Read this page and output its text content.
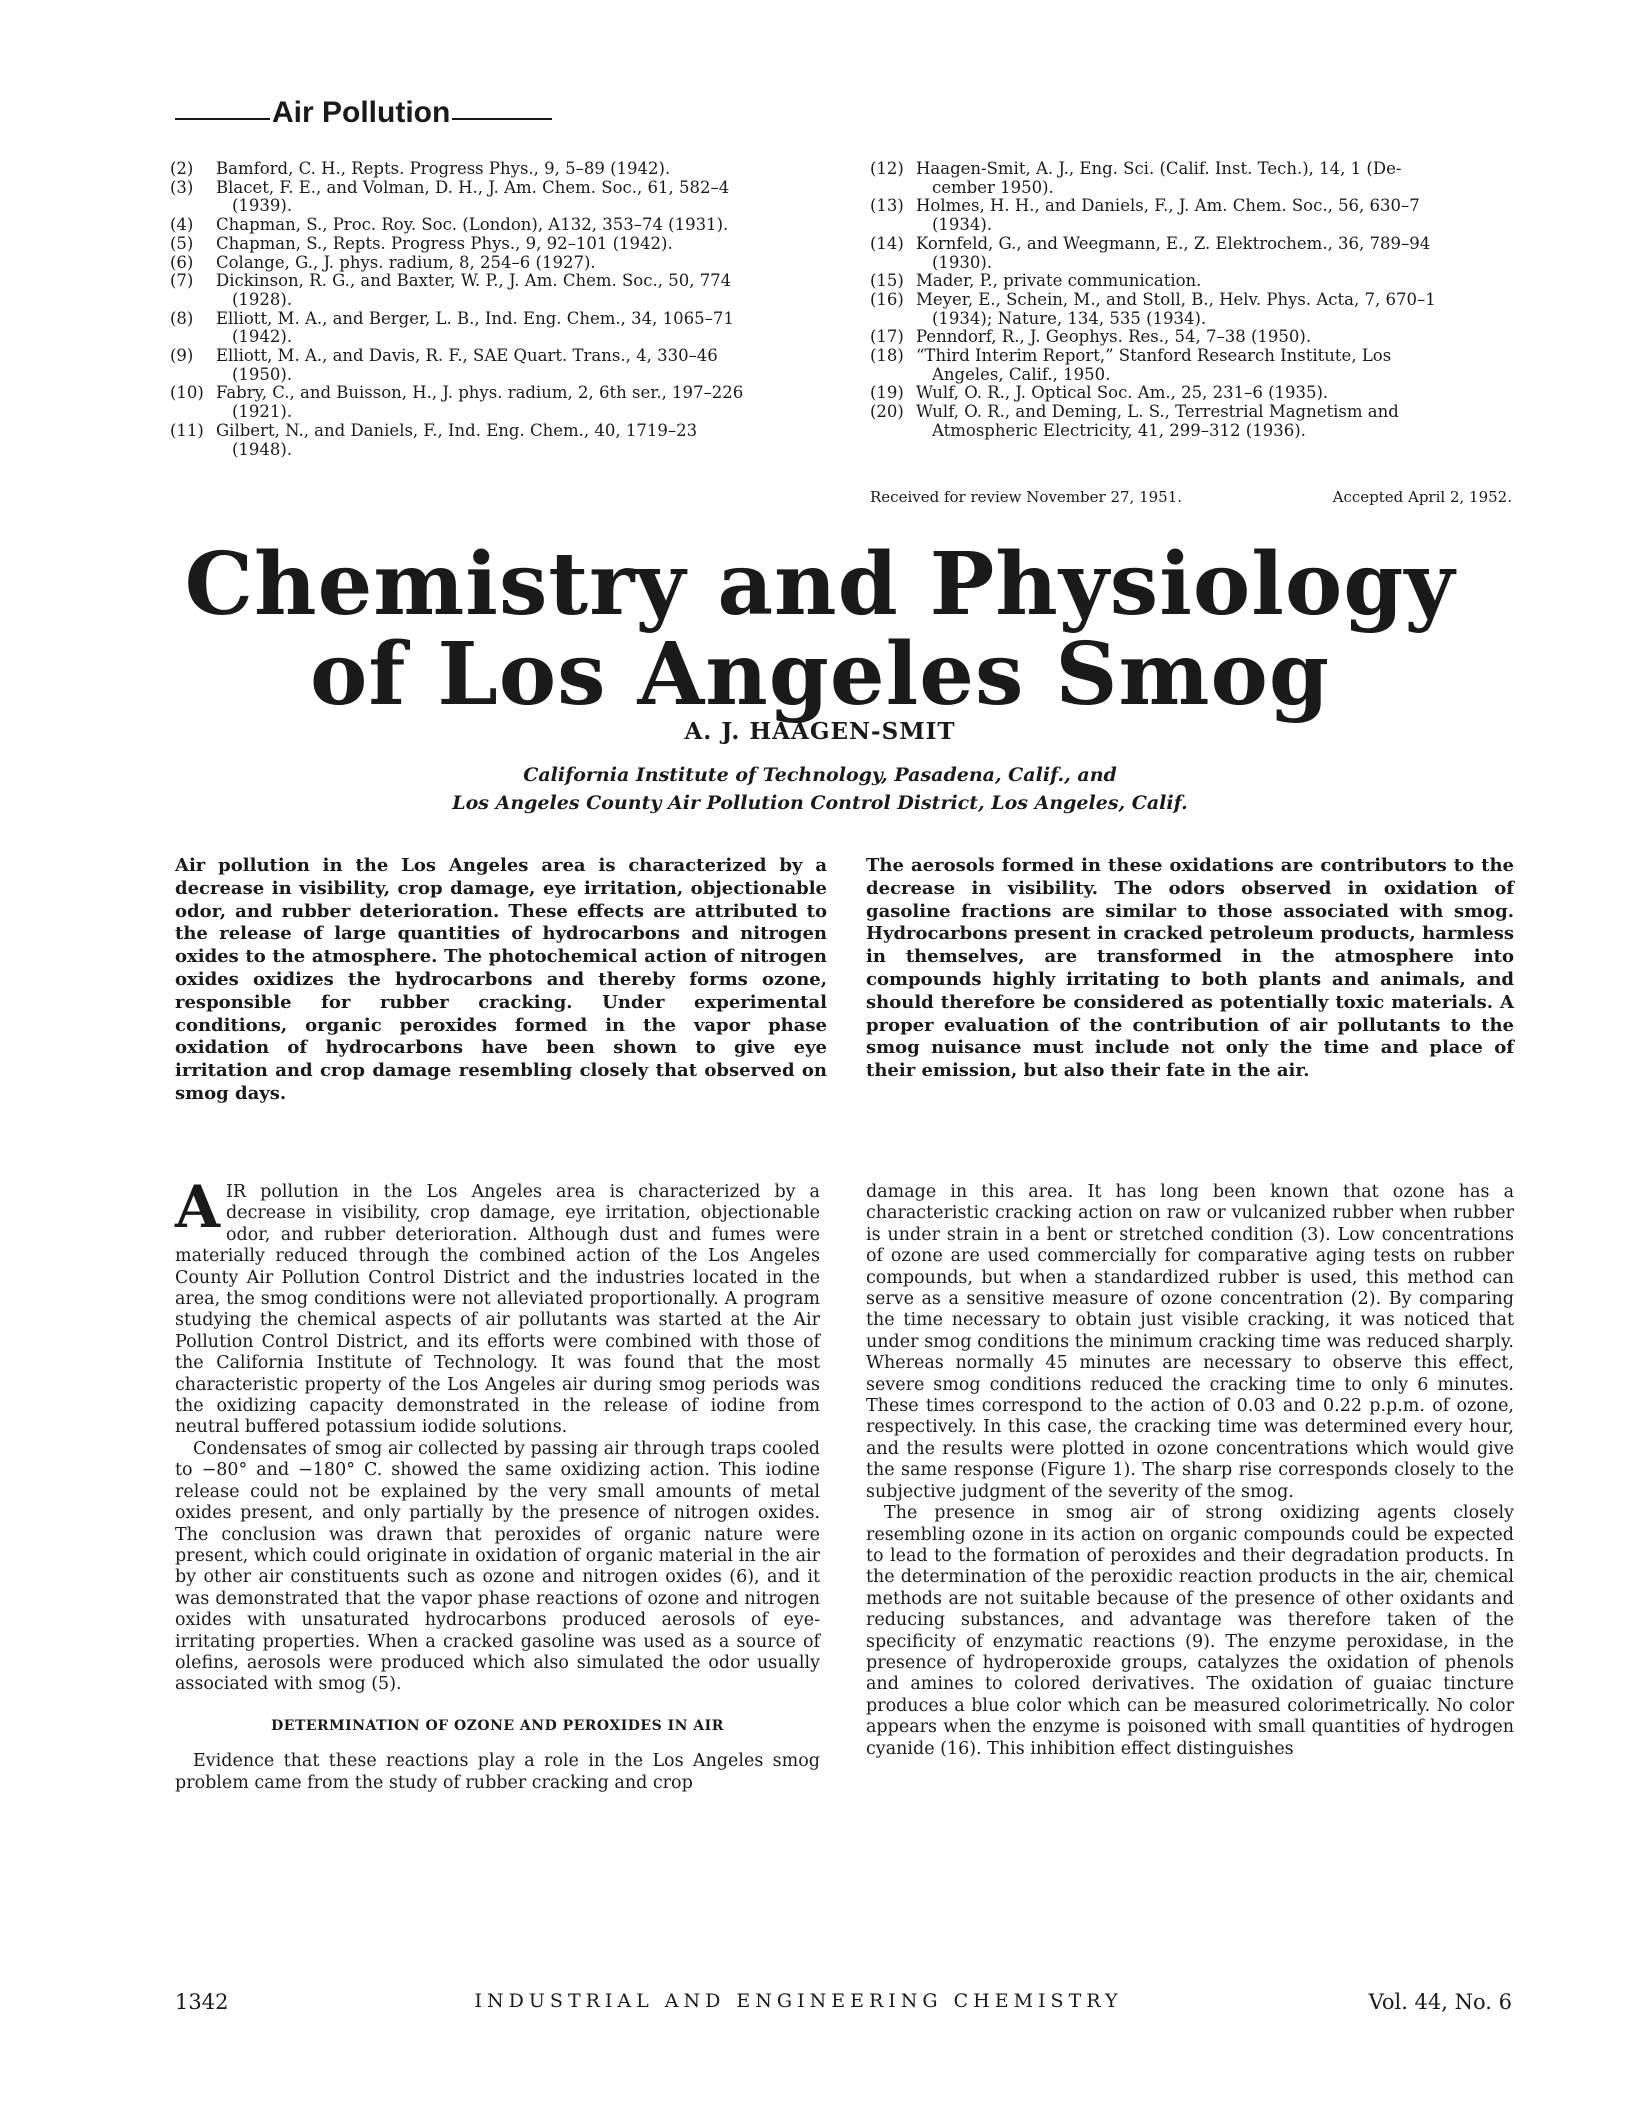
Air Pollution
(2)	Bamford, C. H., Repts. Progress Phys., 9, 5–89 (1942).
(3)	Blacet, F. E., and Volman, D. H., J. Am. Chem. Soc., 61, 582–4
(1939).
(4)	Chapman, S., Proc. Roy. Soc. (London), A132, 353–74 (1931).
(5)	Chapman, S., Repts. Progress Phys., 9, 92–101 (1942).
(6)	Colange, G., J. phys. radium, 8, 254–6 (1927).
(7)	Dickinson, R. G., and Baxter, W. P., J. Am. Chem. Soc., 50, 774
(1928).
(8)	Elliott, M. A., and Berger, L. B., Ind. Eng. Chem., 34, 1065–71
(1942).
(9)	Elliott, M. A., and Davis, R. F., SAE Quart. Trans., 4, 330–46
(1950).
(10) Fabry, C., and Buisson, H., J. phys. radium, 2, 6th ser., 197–226
(1921).
(11) Gilbert, N., and Daniels, F., Ind. Eng. Chem., 40, 1719–23
(1948).
(12) Haagen-Smit, A. J., Eng. Sci. (Calif. Inst. Tech.), 14, 1 (De-
cember 1950).
(13) Holmes, H. H., and Daniels, F., J. Am. Chem. Soc., 56, 630–7
(1934).
(14) Kornfeld, G., and Weegmann, E., Z. Elektrochem., 36, 789–94
(1930).
(15) Mader, P., private communication.
(16) Meyer, E., Schein, M., and Stoll, B., Helv. Phys. Acta, 7, 670–1
(1934); Nature, 134, 535 (1934).
(17) Penndorf, R., J. Geophys. Res., 54, 7–38 (1950).
(18) “Third Interim Report,” Stanford Research Institute, Los
Angeles, Calif., 1950.
(19) Wulf, O. R., J. Optical Soc. Am., 25, 231–6 (1935).
(20) Wulf, O. R., and Deming, L. S., Terrestrial Magnetism and
Atmospheric Electricity, 41, 299–312 (1936).
Received for review November 27, 1951.	Accepted April 2, 1952.
Chemistry and Physiology
of Los Angeles Smog
A. J. HAAGEN-SMIT
California Institute of Technology, Pasadena, Calif., and
Los Angeles County Air Pollution Control District, Los Angeles, Calif.
Air pollution in the Los Angeles area is characterized by a decrease in visibility, crop damage, eye irritation, objectionable odor, and rubber deterioration. These effects are attributed to the release of large quantities of hydrocarbons and nitrogen oxides to the atmosphere. The photochemical action of nitrogen oxides oxidizes the hydrocarbons and thereby forms ozone, responsible for rubber cracking. Under experimental conditions, organic peroxides formed in the vapor phase oxidation of hydrocarbons have been shown to give eye irritation and crop damage resembling closely that observed on smog days.
The aerosols formed in these oxidations are contributors to the decrease in visibility. The odors observed in oxidation of gasoline fractions are similar to those associated with smog. Hydrocarbons present in cracked petroleum products, harmless in themselves, are transformed in the atmosphere into compounds highly irritating to both plants and animals, and should therefore be considered as potentially toxic materials. A proper evaluation of the contribution of air pollutants to the smog nuisance must include not only the time and place of their emission, but also their fate in the air.

AIR pollution in the Los Angeles area is characterized by a decrease in visibility, crop damage, eye irritation, objectionable odor, and rubber deterioration. Although dust and fumes were materially reduced through the combined action of the Los Angeles County Air Pollution Control District and the industries located in the area, the smog conditions were not alleviated proportionally. A program studying the chemical aspects of air pollutants was started at the Air Pollution Control District, and its efforts were combined with those of the California Institute of Technology. It was found that the most characteristic property of the Los Angeles air during smog periods was the oxidizing capacity demonstrated in the release of iodine from neutral buffered potassium iodide solutions.

Condensates of smog air collected by passing air through traps cooled to −80° and −180° C. showed the same oxidizing action. This iodine release could not be explained by the very small amounts of metal oxides present, and only partially by the presence of nitrogen oxides. The conclusion was drawn that peroxides of organic nature were present, which could originate in oxidation of organic material in the air by other air constituents such as ozone and nitrogen oxides (6), and it was demonstrated that the vapor phase reactions of ozone and nitrogen oxides with unsaturated hydrocarbons produced aerosols of eye-irritating properties. When a cracked gasoline was used as a source of olefins, aerosols were produced which also simulated the odor usually associated with smog (5).

DETERMINATION OF OZONE AND PEROXIDES IN AIR

Evidence that these reactions play a role in the Los Angeles smog problem came from the study of rubber cracking and crop

damage in this area. It has long been known that ozone has a characteristic cracking action on raw or vulcanized rubber when rubber is under strain in a bent or stretched condition (3). Low concentrations of ozone are used commercially for comparative aging tests on rubber compounds, but when a standardized rubber is used, this method can serve as a sensitive measure of ozone concentration (2). By comparing the time necessary to obtain just visible cracking, it was noticed that under smog conditions the minimum cracking time was reduced sharply. Whereas normally 45 minutes are necessary to observe this effect, severe smog conditions reduced the cracking time to only 6 minutes. These times correspond to the action of 0.03 and 0.22 p.p.m. of ozone, respectively. In this case, the cracking time was determined every hour, and the results were plotted in ozone concentrations which would give the same response (Figure 1). The sharp rise corresponds closely to the subjective judgment of the severity of the smog.

The presence in smog air of strong oxidizing agents closely resembling ozone in its action on organic compounds could be expected to lead to the formation of peroxides and their degradation products. In the determination of the peroxidic reaction products in the air, chemical methods are not suitable because of the presence of other oxidants and reducing substances, and advantage was therefore taken of the specificity of enzymatic reactions (9). The enzyme peroxidase, in the presence of hydroperoxide groups, catalyzes the oxidation of phenols and amines to colored derivatives. The oxidation of guaiac tincture produces a blue color which can be measured colorimetrically. No color appears when the enzyme is poisoned with small quantities of hydrogen cyanide (16). This inhibition effect distinguishes

1342	INDUSTRIAL AND ENGINEERING CHEMISTRY	Vol. 44, No. 6
